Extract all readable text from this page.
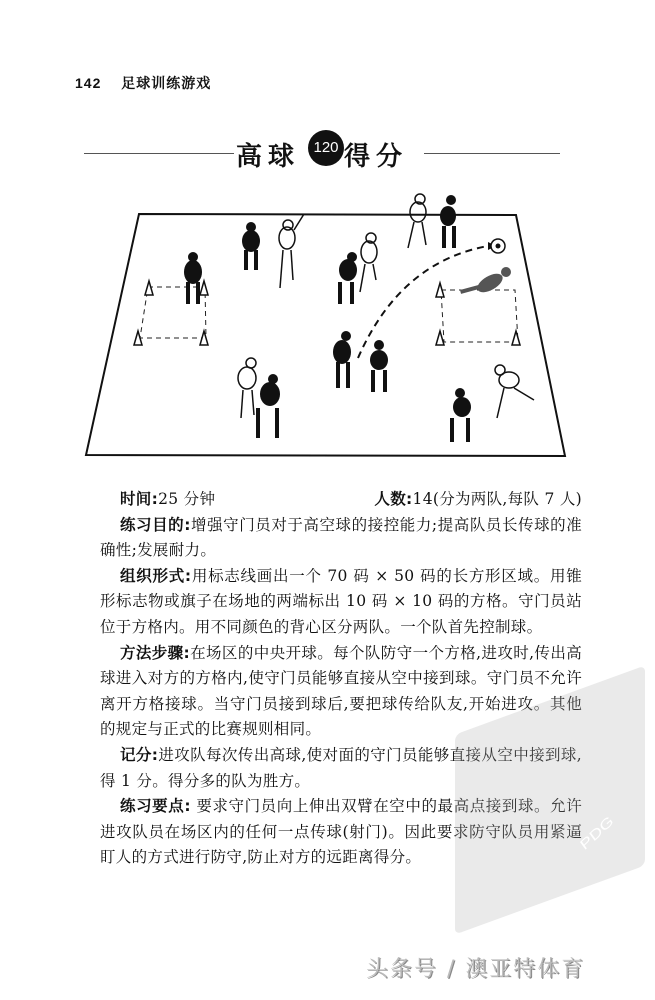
142 足球训练游戏
高球 120 得分
时间:25 分钟	人数:14(分为两队,每队 7 人)

练习目的:增强守门员对于高空球的接控能力;提高队员长传球的准确性;发展耐力。

组织形式:用标志线画出一个 70 码 × 50 码的长方形区域。用锥形标志物或旗子在场地的两端标出 10 码 × 10 码的方格。守门员站位于方格内。用不同颜色的背心区分两队。一个队首先控制球。

方法步骤:在场区的中央开球。每个队防守一个方格,进攻时,传出高球进入对方的方格内,使守门员能够直接从空中接到球。守门员不允许离开方格接球。当守门员接到球后,要把球传给队友,开始进攻。其他的规定与正式的比赛规则相同。

记分:进攻队每次传出高球,使对面的守门员能够直接从空中接到球,得 1 分。得分多的队为胜方。

练习要点: 要求守门员向上伸出双臂在空中的最高点接到球。允许进攻队员在场区内的任何一点传球(射门)。因此要求防守队员用紧逼盯人的方式进行防守,防止对方的远距离得分。

PDG
头条号 / 澳亚特体育
